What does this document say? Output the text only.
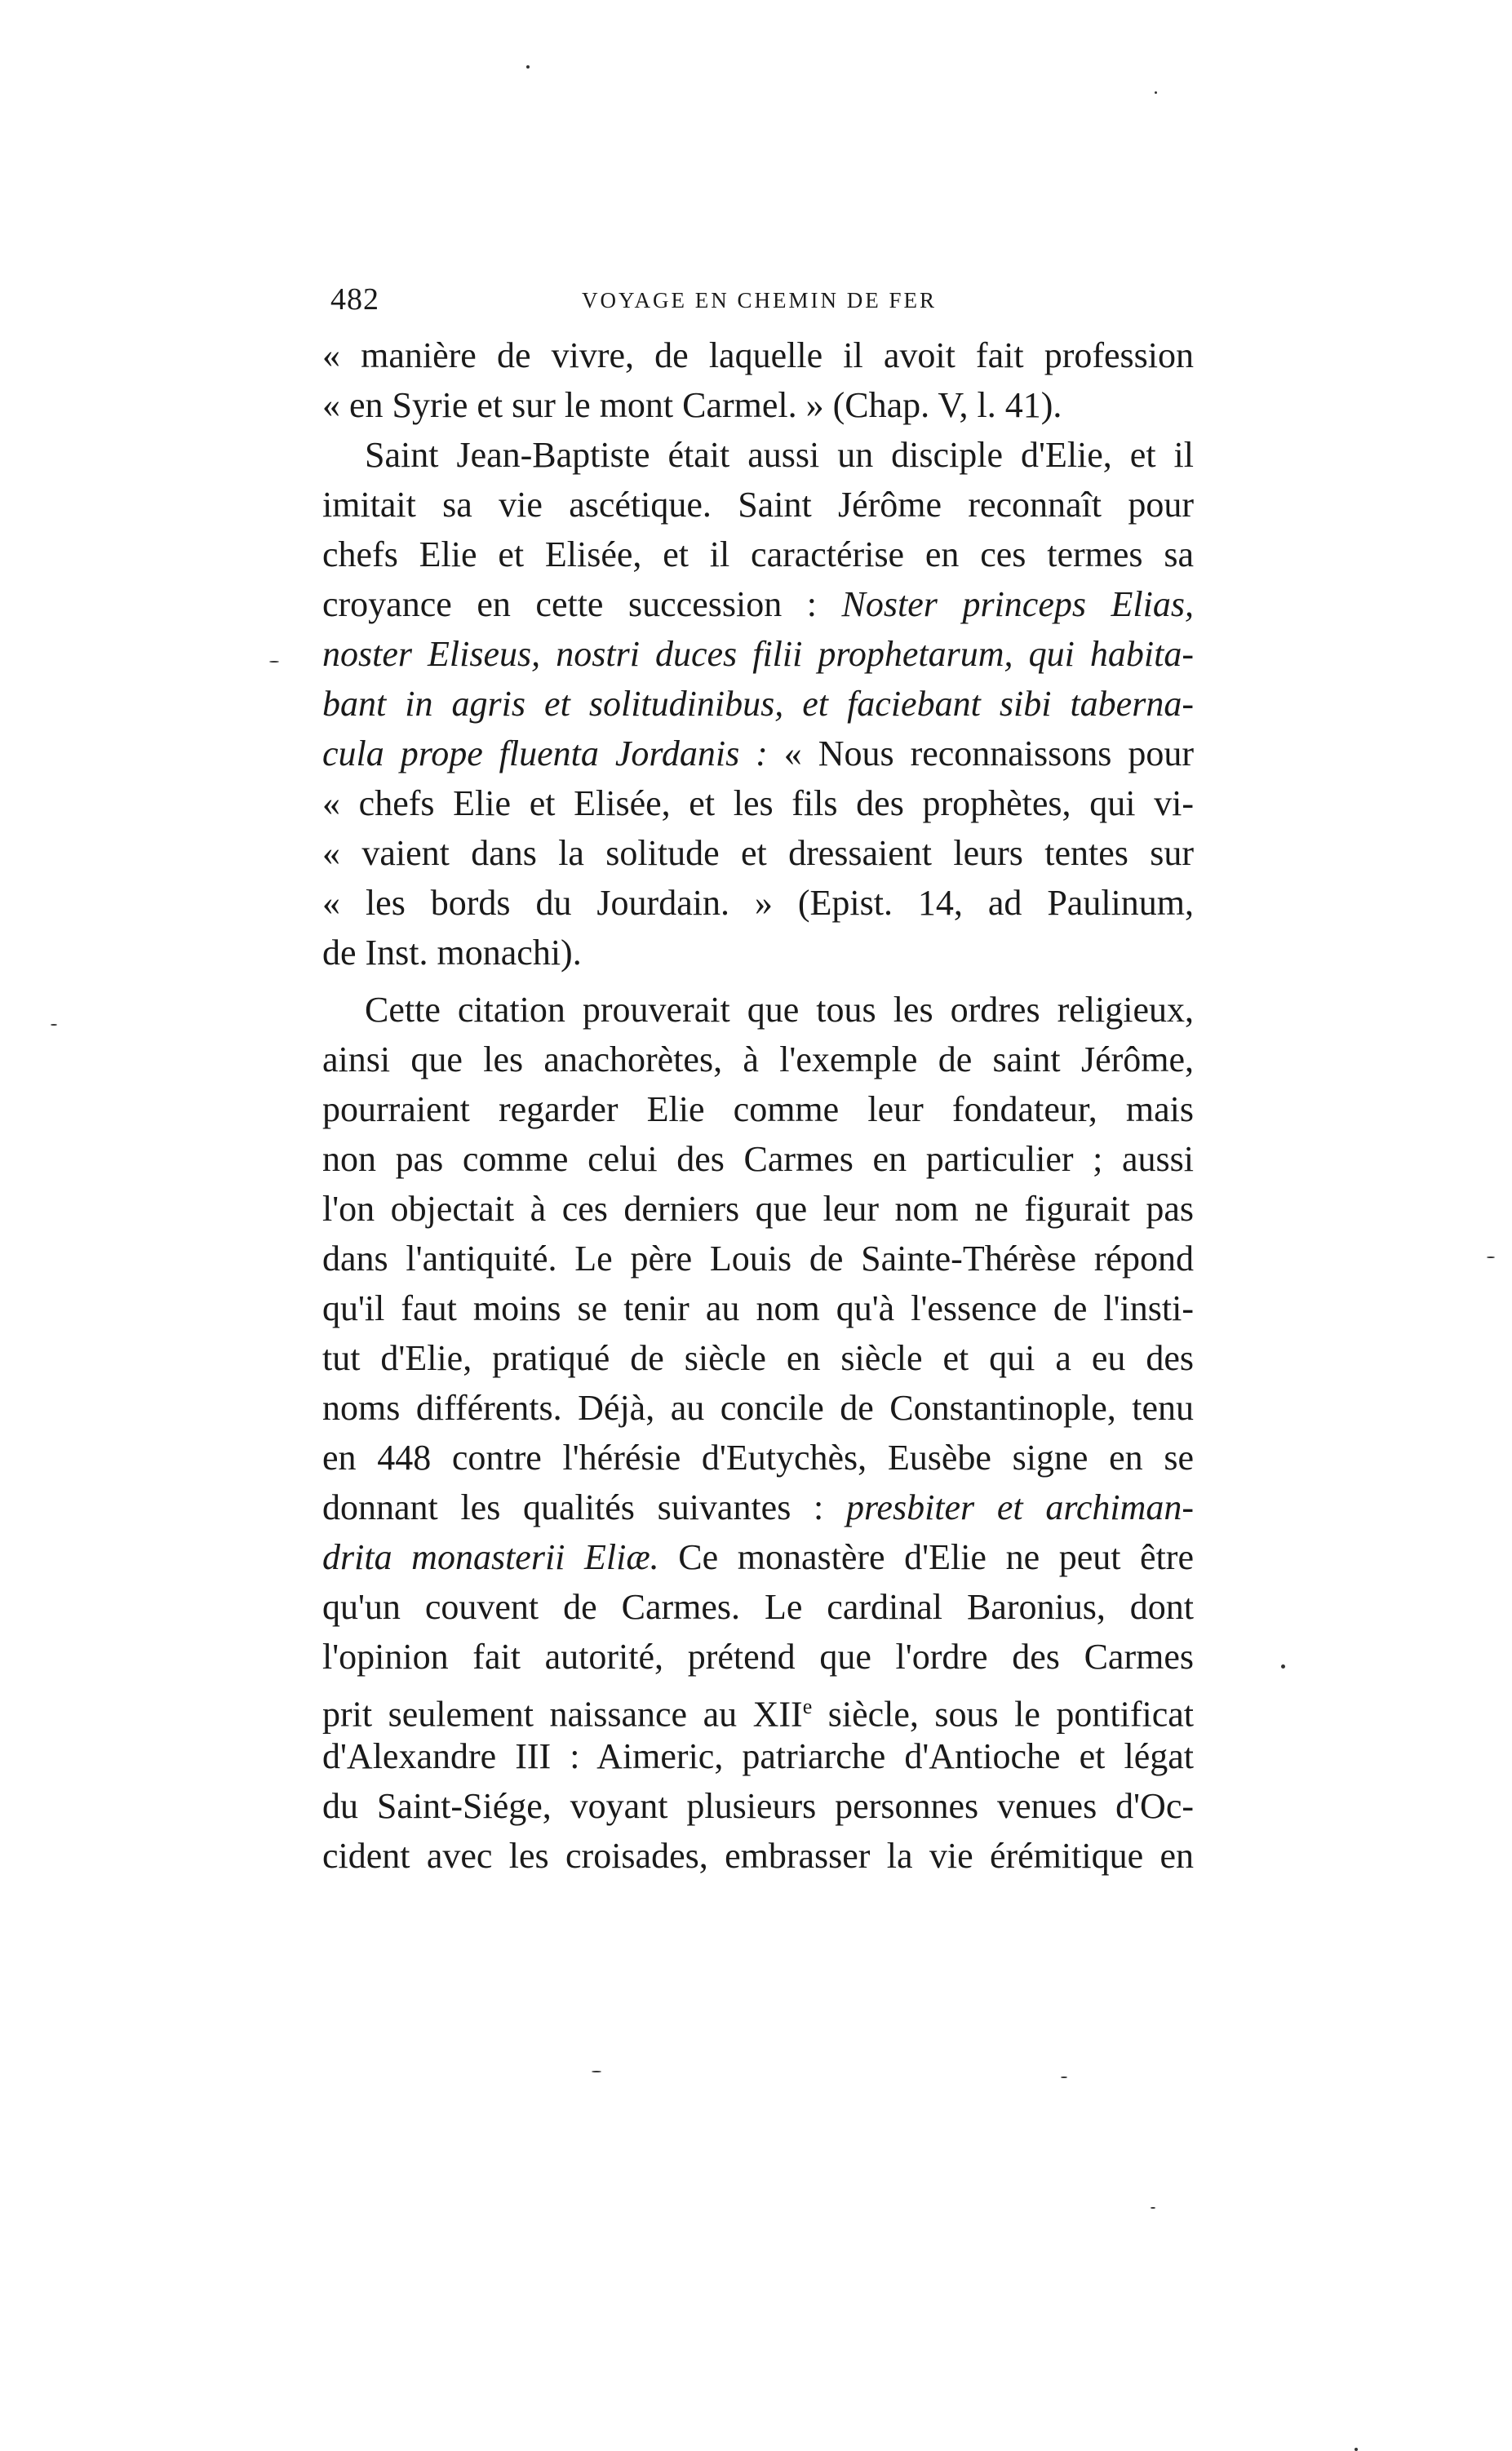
482	VOYAGE EN CHEMIN DE FER
« manière de vivre, de laquelle il avoit fait profession
« en Syrie et sur le mont Carmel. » (Chap. V, l. 41).
Saint Jean-Baptiste était aussi un disciple d'Elie, et il
imitait sa vie ascétique. Saint Jérôme reconnaît pour
chefs Elie et Elisée, et il caractérise en ces termes sa
croyance en cette succession : Noster princeps Elias,
noster Eliseus, nostri duces filii prophetarum, qui habita-
bant in agris et solitudinibus, et faciebant sibi taberna-
cula prope fluenta Jordanis : « Nous reconnaissons pour
« chefs Elie et Elisée, et les fils des prophètes, qui vi-
« vaient dans la solitude et dressaient leurs tentes sur
« les bords du Jourdain. » (Epist. 14, ad Paulinum,
de Inst. monachi).
Cette citation prouverait que tous les ordres religieux,
ainsi que les anachorètes, à l'exemple de saint Jérôme,
pourraient regarder Elie comme leur fondateur, mais
non pas comme celui des Carmes en particulier ; aussi
l'on objectait à ces derniers que leur nom ne figurait pas
dans l'antiquité. Le père Louis de Sainte-Thérèse répond
qu'il faut moins se tenir au nom qu'à l'essence de l'insti-
tut d'Elie, pratiqué de siècle en siècle et qui a eu des
noms différents. Déjà, au concile de Constantinople, tenu
en 448 contre l'hérésie d'Eutychès, Eusèbe signe en se
donnant les qualités suivantes : presbiter et archiman-
drita monasterii Eliæ. Ce monastère d'Elie ne peut être
qu'un couvent de Carmes. Le cardinal Baronius, dont
l'opinion fait autorité, prétend que l'ordre des Carmes
prit seulement naissance au XIIe siècle, sous le pontificat
d'Alexandre III : Aimeric, patriarche d'Antioche et légat
du Saint-Siége, voyant plusieurs personnes venues d'Oc-
cident avec les croisades, embrasser la vie érémitique en
